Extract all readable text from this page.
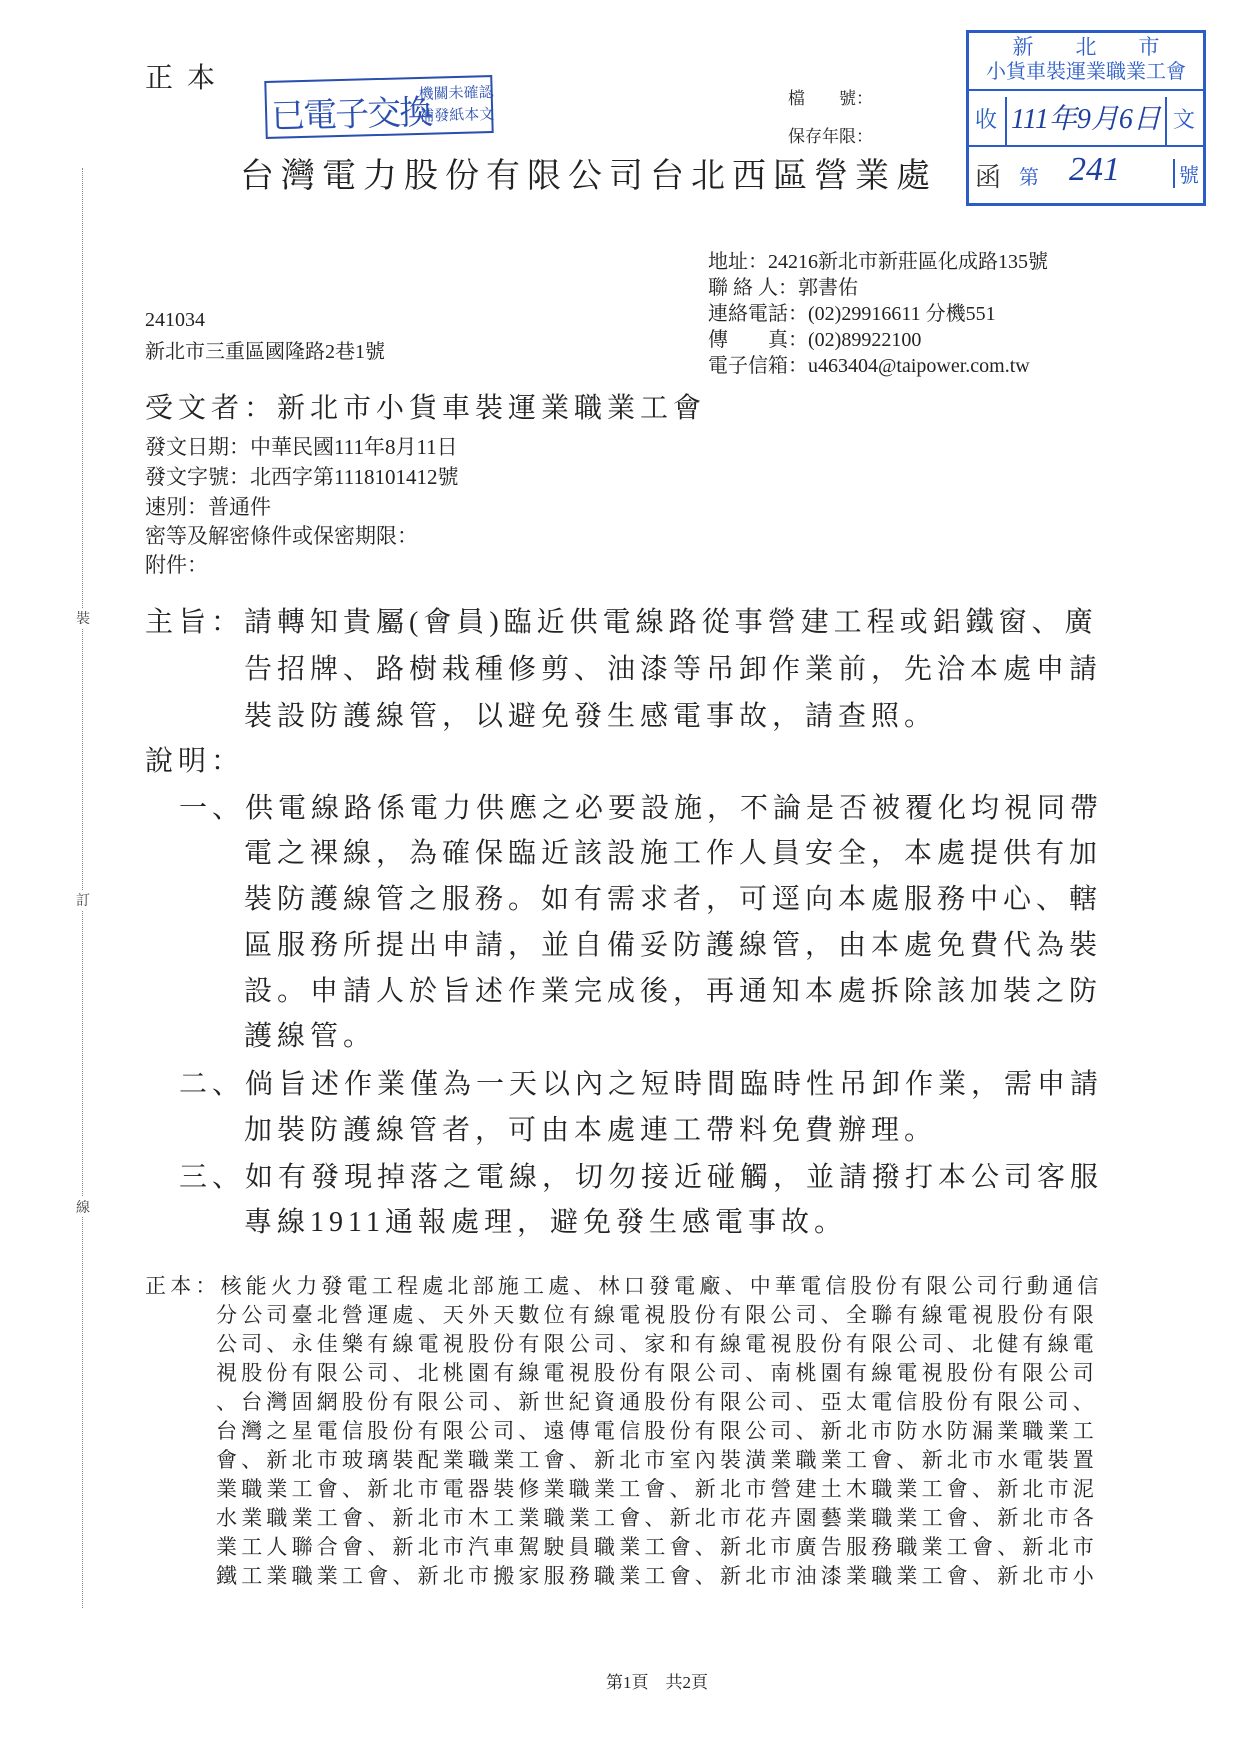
正本
已電子交換
機關未確認
補發紙本文
檔　　號：
保存年限：
台灣電力股份有限公司台北西區營業處
新　　北　　市
小貨車裝運業職業工會
收 111年9月6日 文
函 第 241	號
地址：24216新北市新莊區化成路135號
聯 絡 人：郭書佑
連絡電話：(02)29916611 分機551
傳　　真：(02)89922100
電子信箱：u463404@taipower.com.tw
241034
新北市三重區國隆路2巷1號
受文者：新北市小貨車裝運業職業工會
發文日期：中華民國111年8月11日
發文字號：北西字第1118101412號
速別：普通件
密等及解密條件或保密期限：
附件：
主旨：請轉知貴屬(會員)臨近供電線路從事營建工程或鋁鐵窗、廣
告招牌、路樹栽種修剪、油漆等吊卸作業前，先洽本處申請
裝設防護線管，以避免發生感電事故，請查照。
說明：
一、供電線路係電力供應之必要設施，不論是否被覆化均視同帶
電之裸線，為確保臨近該設施工作人員安全，本處提供有加
裝防護線管之服務。如有需求者，可逕向本處服務中心、轄
區服務所提出申請，並自備妥防護線管，由本處免費代為裝
設。申請人於旨述作業完成後，再通知本處拆除該加裝之防
護線管。
二、倘旨述作業僅為一天以內之短時間臨時性吊卸作業，需申請
加裝防護線管者，可由本處連工帶料免費辦理。
三、如有發現掉落之電線，切勿接近碰觸，並請撥打本公司客服
專線1911通報處理，避免發生感電事故。
正本：核能火力發電工程處北部施工處、林口發電廠、中華電信股份有限公司行動通信
分公司臺北營運處、天外天數位有線電視股份有限公司、全聯有線電視股份有限
公司、永佳樂有線電視股份有限公司、家和有線電視股份有限公司、北健有線電
視股份有限公司、北桃園有線電視股份有限公司、南桃園有線電視股份有限公司
、台灣固網股份有限公司、新世紀資通股份有限公司、亞太電信股份有限公司、
台灣之星電信股份有限公司、遠傳電信股份有限公司、新北市防水防漏業職業工
會、新北市玻璃裝配業職業工會、新北市室內裝潢業職業工會、新北市水電裝置
業職業工會、新北市電器裝修業職業工會、新北市營建土木職業工會、新北市泥
水業職業工會、新北市木工業職業工會、新北市花卉園藝業職業工會、新北市各
業工人聯合會、新北市汽車駕駛員職業工會、新北市廣告服務職業工會、新北市
鐵工業職業工會、新北市搬家服務職業工會、新北市油漆業職業工會、新北市小
裝
訂
線
第1頁　共2頁
